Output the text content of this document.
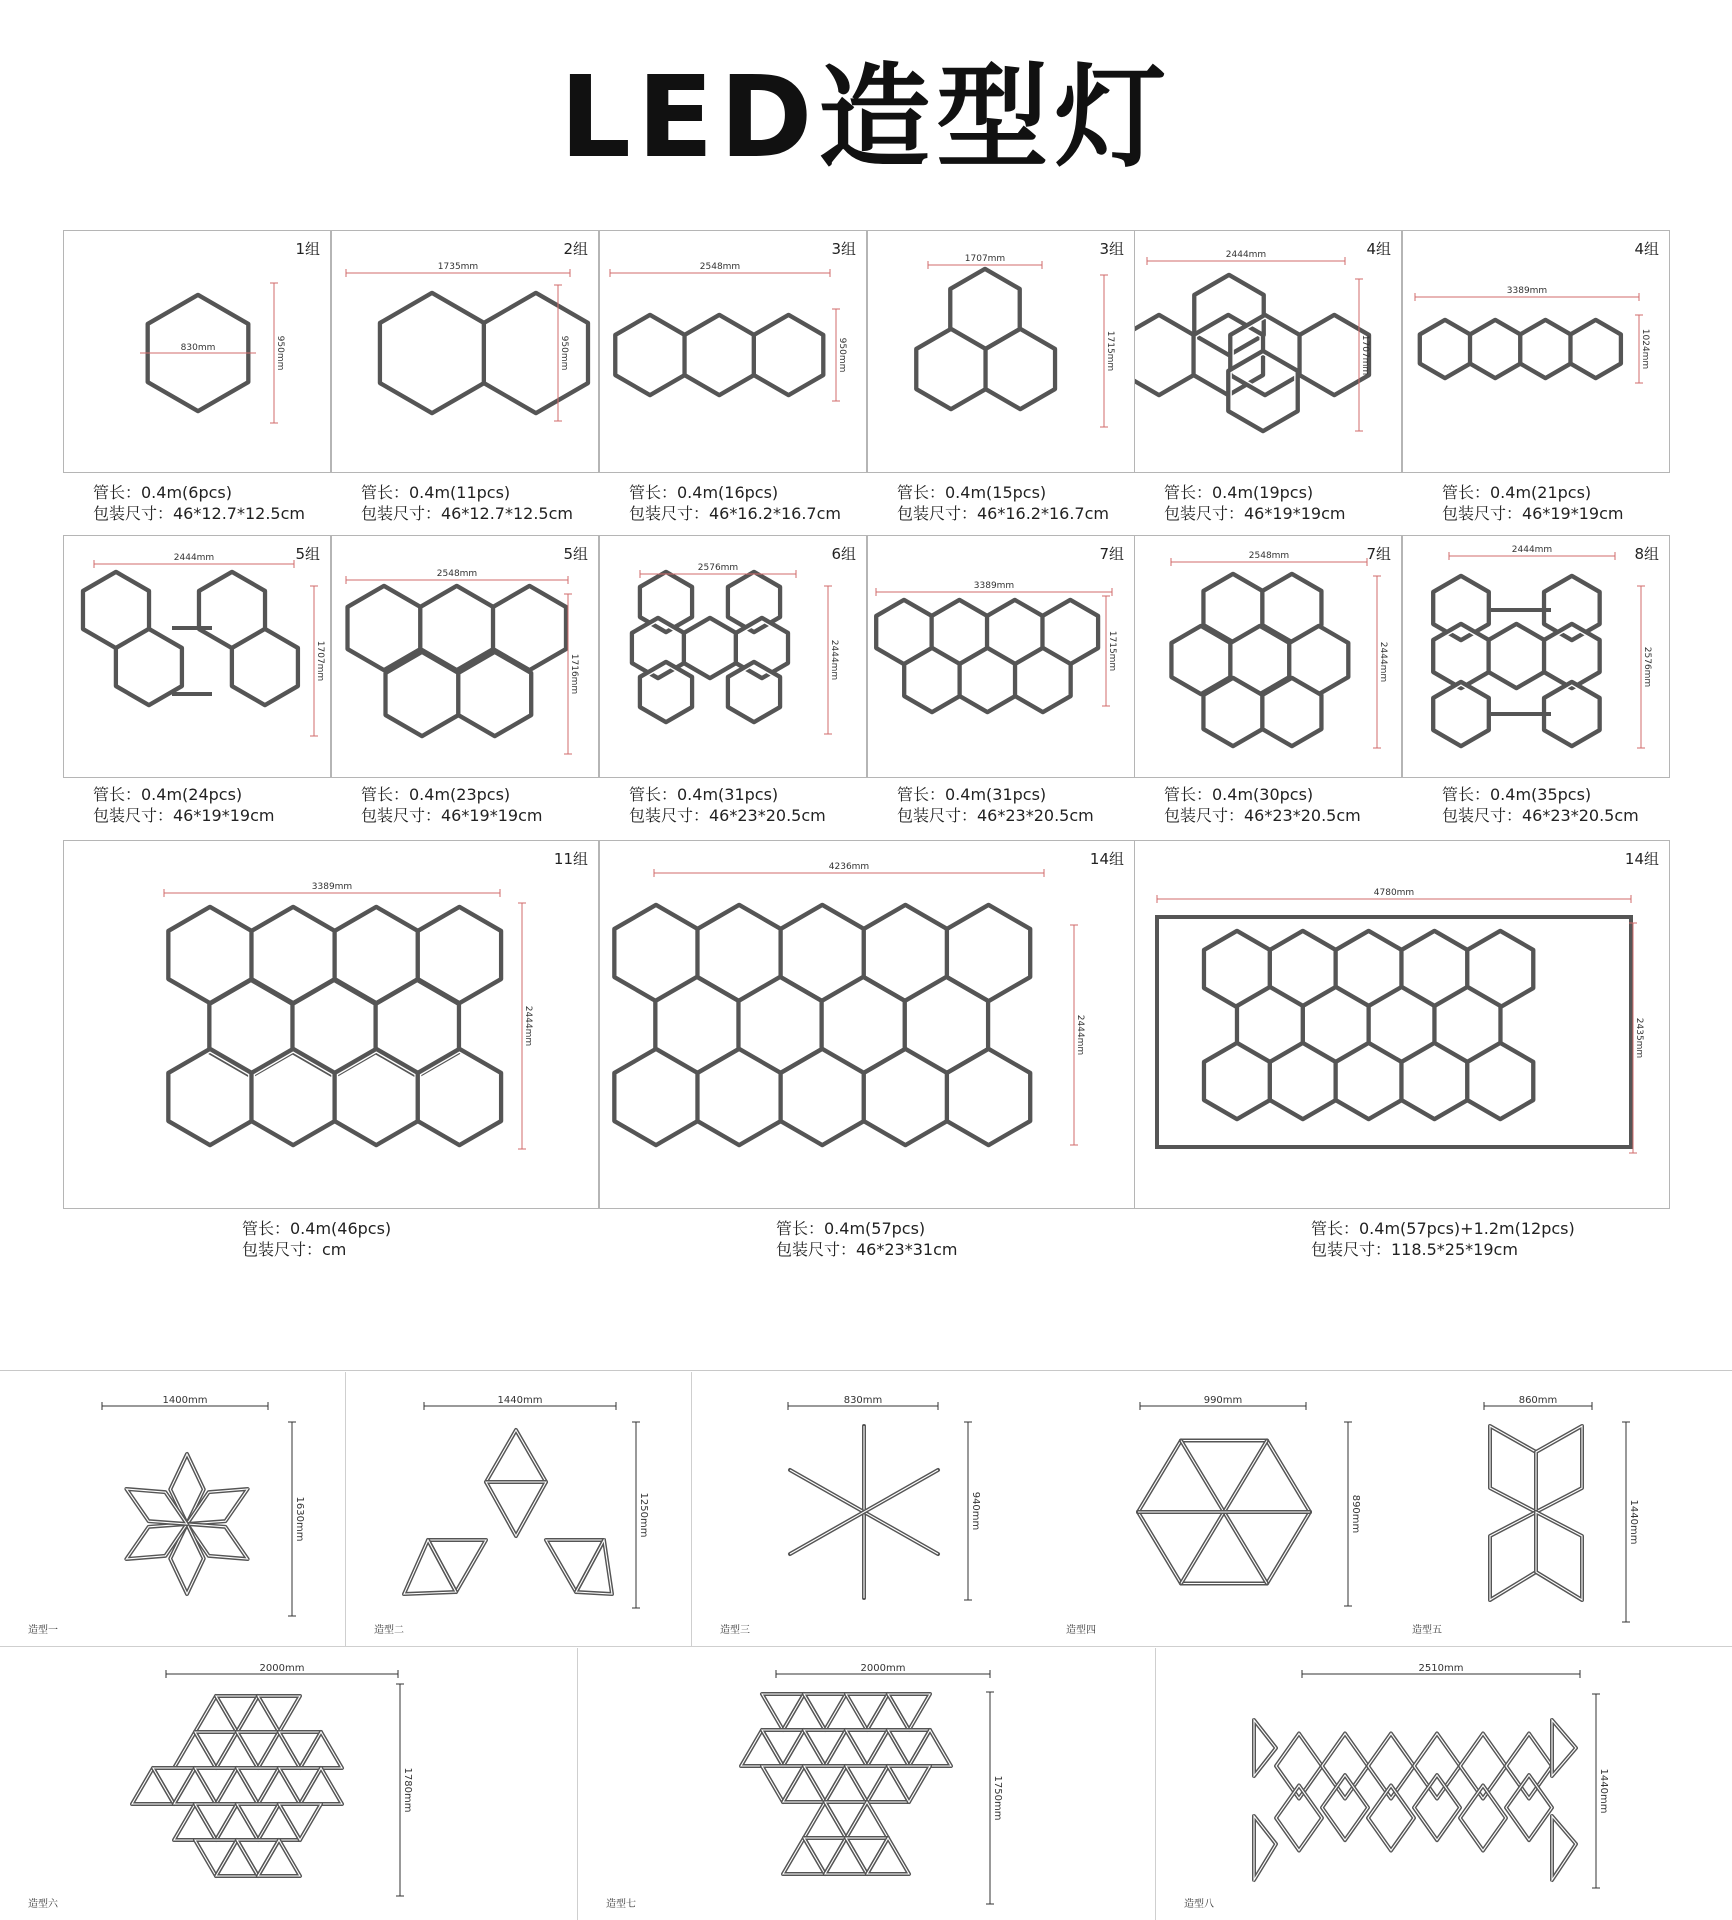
LED造型灯
1组
830mm	950mm
2组
1735mm
950mm
3组
2548mm
950mm
3组
1707mm
1715mm
4组
2444mm
1707mm
4组
3389mm
1024mm
管长：0.4m(6pcs)
包装尺寸：46*12.7*12.5cm
管长：0.4m(11pcs)
包装尺寸：46*12.7*12.5cm
管长：0.4m(16pcs)
包装尺寸：46*16.2*16.7cm
管长：0.4m(15pcs)
包装尺寸：46*16.2*16.7cm
管长：0.4m(19pcs)
包装尺寸：46*19*19cm
管长：0.4m(21pcs)
包装尺寸：46*19*19cm
5组
2444mm
1707mm
5组
2548mm
1716mm
6组
2576mm
2444mm
7组
3389mm
1715mm
7组
2548mm
2444mm
8组
2444mm
2576mm
管长：0.4m(24pcs)
包装尺寸：46*19*19cm
管长：0.4m(23pcs)
包装尺寸：46*19*19cm
管长：0.4m(31pcs)
包装尺寸：46*23*20.5cm
管长：0.4m(31pcs)
包装尺寸：46*23*20.5cm
管长：0.4m(30pcs)
包装尺寸：46*23*20.5cm
管长：0.4m(35pcs)
包装尺寸：46*23*20.5cm
11组
3389mm
2444mm
14组
4236mm
2444mm
14组
4780mm
2435mm
管长：0.4m(46pcs)
包装尺寸：cm
管长：0.4m(57pcs)
包装尺寸：46*23*31cm
管长：0.4m(57pcs)+1.2m(12pcs)
包装尺寸：118.5*25*19cm
1400mm
1630mm
造型一
1440mm
1250mm
造型二
830mm
940mm
造型三
990mm
890mm
造型四
860mm
1440mm
造型五
2000mm
1780mm
造型六
2000mm
1750mm
造型七
2510mm
1440mm
造型八
